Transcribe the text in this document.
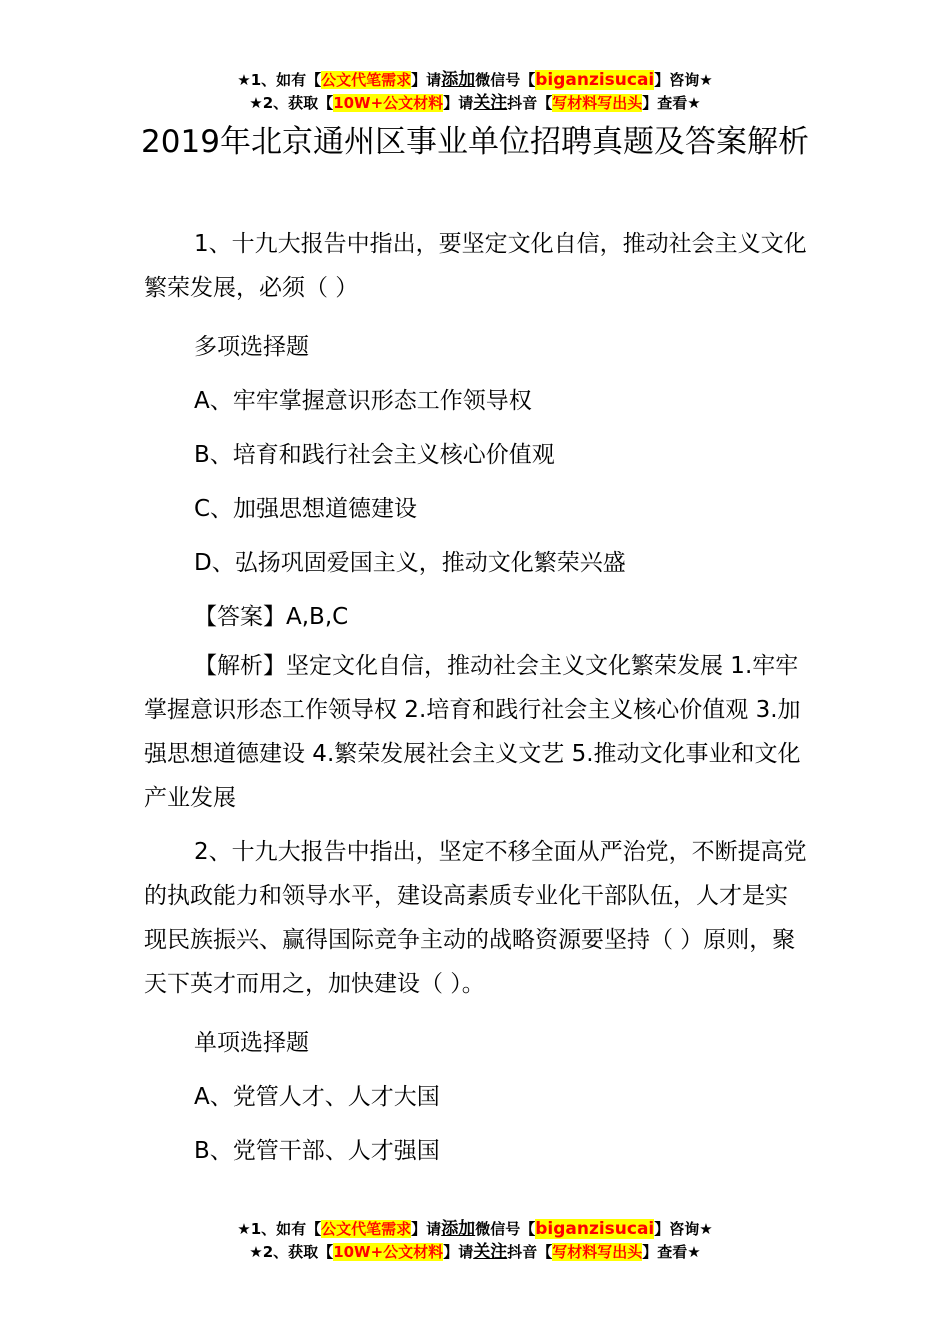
★1、如有【公文代笔需求】请添加微信号【biganzisucai】咨询★
★2、获取【10W+公文材料】请关注抖音【写材料写出头】查看★
2019年北京通州区事业单位招聘真题及答案解析

1、十九大报告中指出，要坚定文化自信，推动社会主义文化繁荣发展，必须（ ）

多项选择题

A、牢牢掌握意识形态工作领导权

B、培育和践行社会主义核心价值观

C、加强思想道德建设

D、弘扬巩固爱国主义，推动文化繁荣兴盛

【答案】A,B,C

【解析】坚定文化自信，推动社会主义文化繁荣发展 1.牢牢掌握意识形态工作领导权 2.培育和践行社会主义核心价值观 3.加强思想道德建设 4.繁荣发展社会主义文艺 5.推动文化事业和文化产业发展

2、十九大报告中指出，坚定不移全面从严治党，不断提高党的执政能力和领导水平，建设高素质专业化干部队伍，人才是实现民族振兴、赢得国际竞争主动的战略资源要坚持（ ）原则，聚天下英才而用之，加快建设（ ）。

单项选择题

A、党管人才、人才大国

B、党管干部、人才强国

★1、如有【公文代笔需求】请添加微信号【biganzisucai】咨询★
★2、获取【10W+公文材料】请关注抖音【写材料写出头】查看★
